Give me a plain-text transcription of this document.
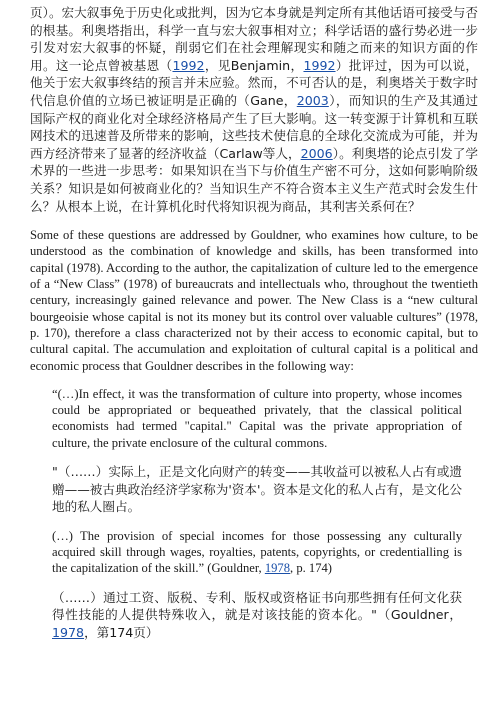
页）。宏大叙事免于历史化或批判，因为它本身就是判定所有其他话语可接受与否的根基。利奥塔指出，科学一直与宏大叙事相对立；科学话语的盛行势必进一步引发对宏大叙事的怀疑，削弱它们在社会理解现实和随之而来的知识方面的作用。这一论点曾被基恩（1992，见Benjamin，1992）批评过，因为可以说，他关于宏大叙事终结的预言并未应验。然而，不可否认的是，利奥塔关于数字时代信息价值的立场已被证明是正确的（Gane，2003），而知识的生产及其通过国际产权的商业化对全球经济格局产生了巨大影响。这一转变源于计算机和互联网技术的迅速普及所带来的影响，这些技术使信息的全球化交流成为可能，并为西方经济带来了显著的经济收益（Carlaw等人，2006）。利奥塔的论点引发了学术界的一些进一步思考：如果知识在当下与价值生产密不可分，这如何影响阶级关系？知识是如何被商业化的？当知识生产不符合资本主义生产范式时会发生什么？从根本上说，在计算机化时代将知识视为商品，其利害关系何在？

Some of these questions are addressed by Gouldner, who examines how culture, to be understood as the combination of knowledge and skills, has been transformed into capital (1978). According to the author, the capitalization of culture led to the emergence of a “New Class” (1978) of bureaucrats and intellectuals who, throughout the twentieth century, increasingly gained relevance and power. The New Class is a “new cultural bourgeoisie whose capital is not its money but its control over valuable cultures” (1978, p. 170), therefore a class characterized not by their access to economic capital, but to cultural capital. The accumulation and exploitation of cultural capital is a political and economic process that Gouldner describes in the following way:

“(…)In effect, it was the transformation of culture into property, whose incomes could be appropriated or bequeathed privately, that the classical political economists had termed "capital." Capital was the private appropriation of culture, the private enclosure of the cultural commons.

"（……）实际上，正是文化向财产的转变——其收益可以被私人占有或遗赠——被古典政治经济学家称为'资本'。资本是文化的私人占有，是文化公地的私人圈占。

(…) The provision of special incomes for those possessing any culturally acquired skill through wages, royalties, patents, copyrights, or credentialling is the capitalization of the skill.” (Gouldner, 1978, p. 174)

（……）通过工资、版税、专利、版权或资格证书向那些拥有任何文化获得性技能的人提供特殊收入，就是对该技能的资本化。"（Gouldner，1978，第174页）
